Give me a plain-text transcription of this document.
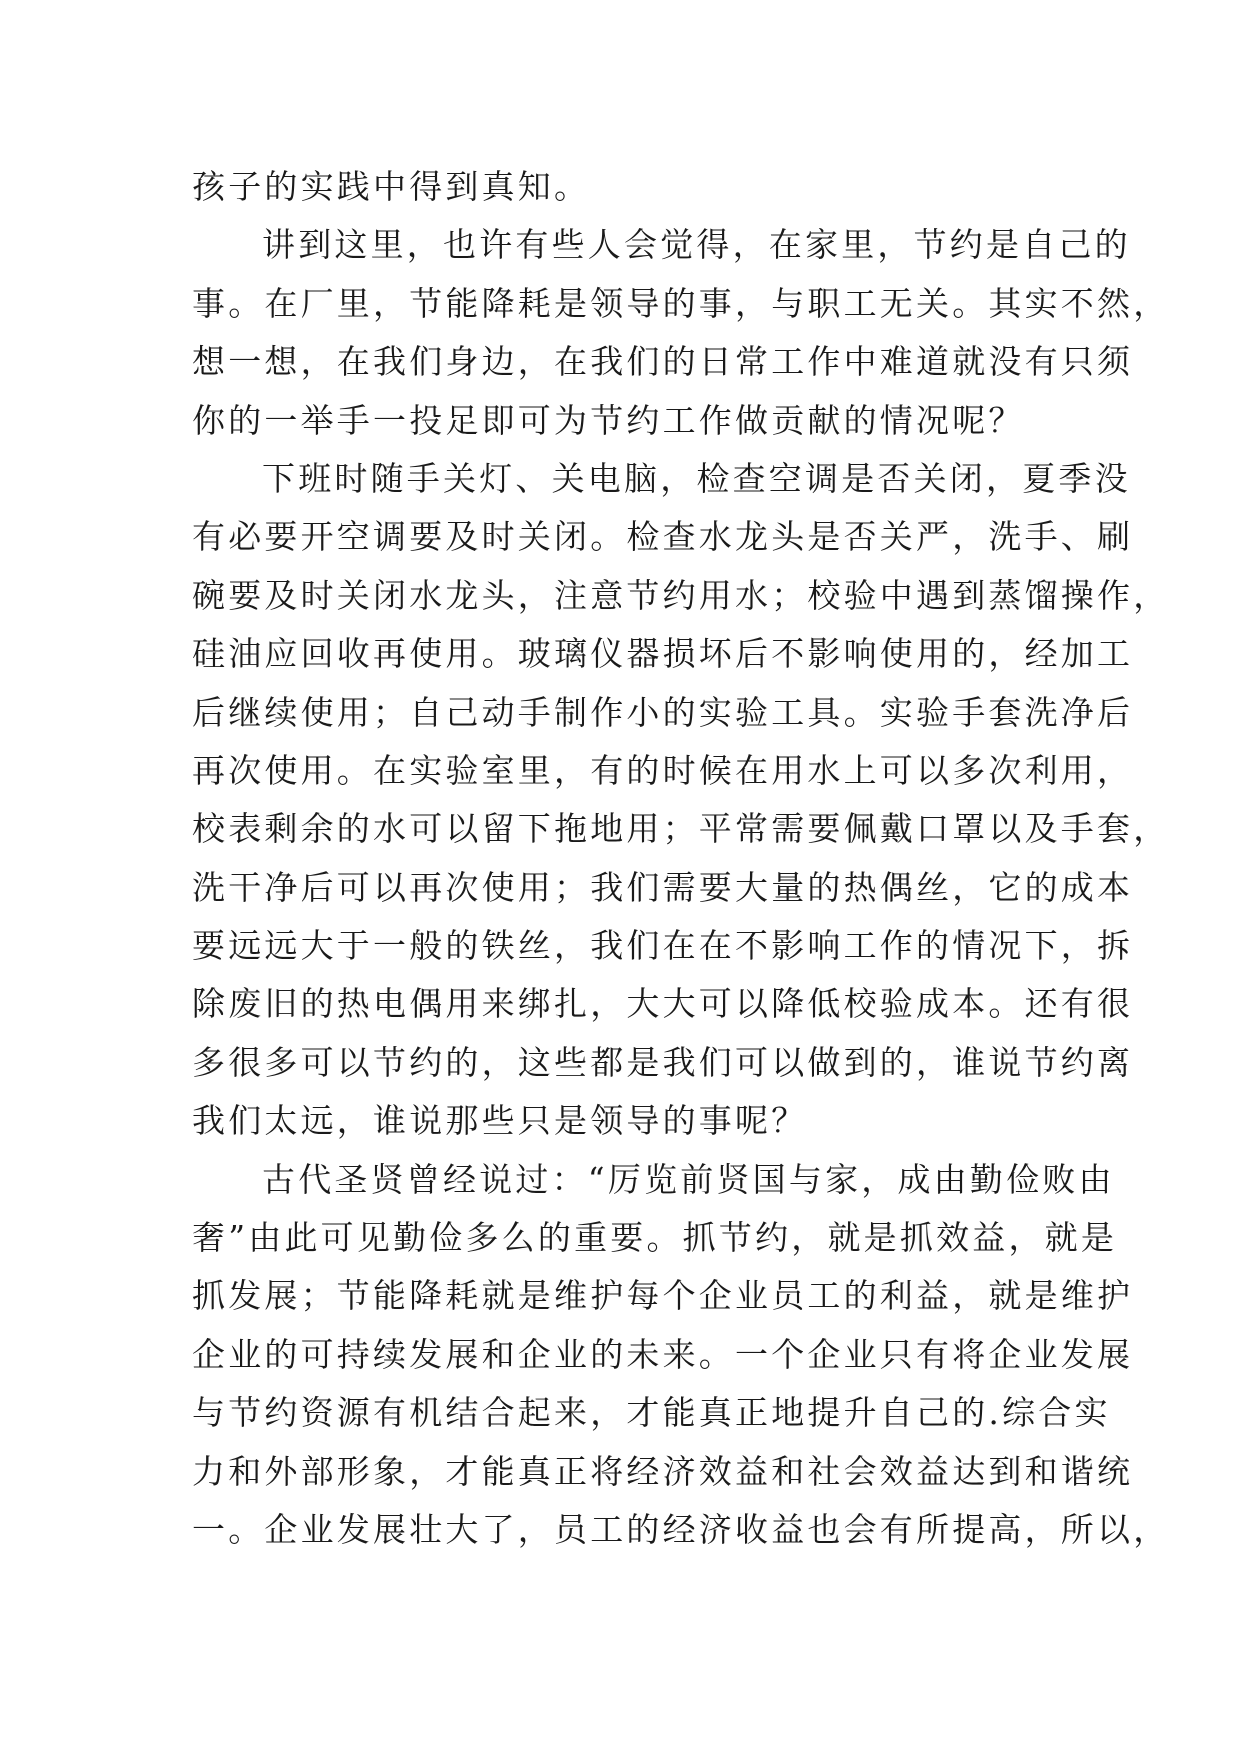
孩子的实践中得到真知。
讲到这里，也许有些人会觉得，在家里，节约是自己的
事。在厂里，节能降耗是领导的事，与职工无关。其实不然，
想一想，在我们身边，在我们的日常工作中难道就没有只须
你的一举手一投足即可为节约工作做贡献的情况呢？
下班时随手关灯、关电脑，检查空调是否关闭，夏季没
有必要开空调要及时关闭。检查水龙头是否关严，洗手、刷
碗要及时关闭水龙头，注意节约用水；校验中遇到蒸馏操作，
硅油应回收再使用。玻璃仪器损坏后不影响使用的，经加工
后继续使用；自己动手制作小的实验工具。实验手套洗净后
再次使用。在实验室里，有的时候在用水上可以多次利用，
校表剩余的水可以留下拖地用；平常需要佩戴口罩以及手套，
洗干净后可以再次使用；我们需要大量的热偶丝，它的成本
要远远大于一般的铁丝，我们在在不影响工作的情况下，拆
除废旧的热电偶用来绑扎，大大可以降低校验成本。还有很
多很多可以节约的，这些都是我们可以做到的，谁说节约离
我们太远，谁说那些只是领导的事呢？
古代圣贤曾经说过：“厉览前贤国与家，成由勤俭败由
奢”由此可见勤俭多么的重要。抓节约，就是抓效益，就是
抓发展；节能降耗就是维护每个企业员工的利益，就是维护
企业的可持续发展和企业的未来。一个企业只有将企业发展
与节约资源有机结合起来，才能真正地提升自己的.综合实
力和外部形象，才能真正将经济效益和社会效益达到和谐统
一。企业发展壮大了，员工的经济收益也会有所提高，所以，
